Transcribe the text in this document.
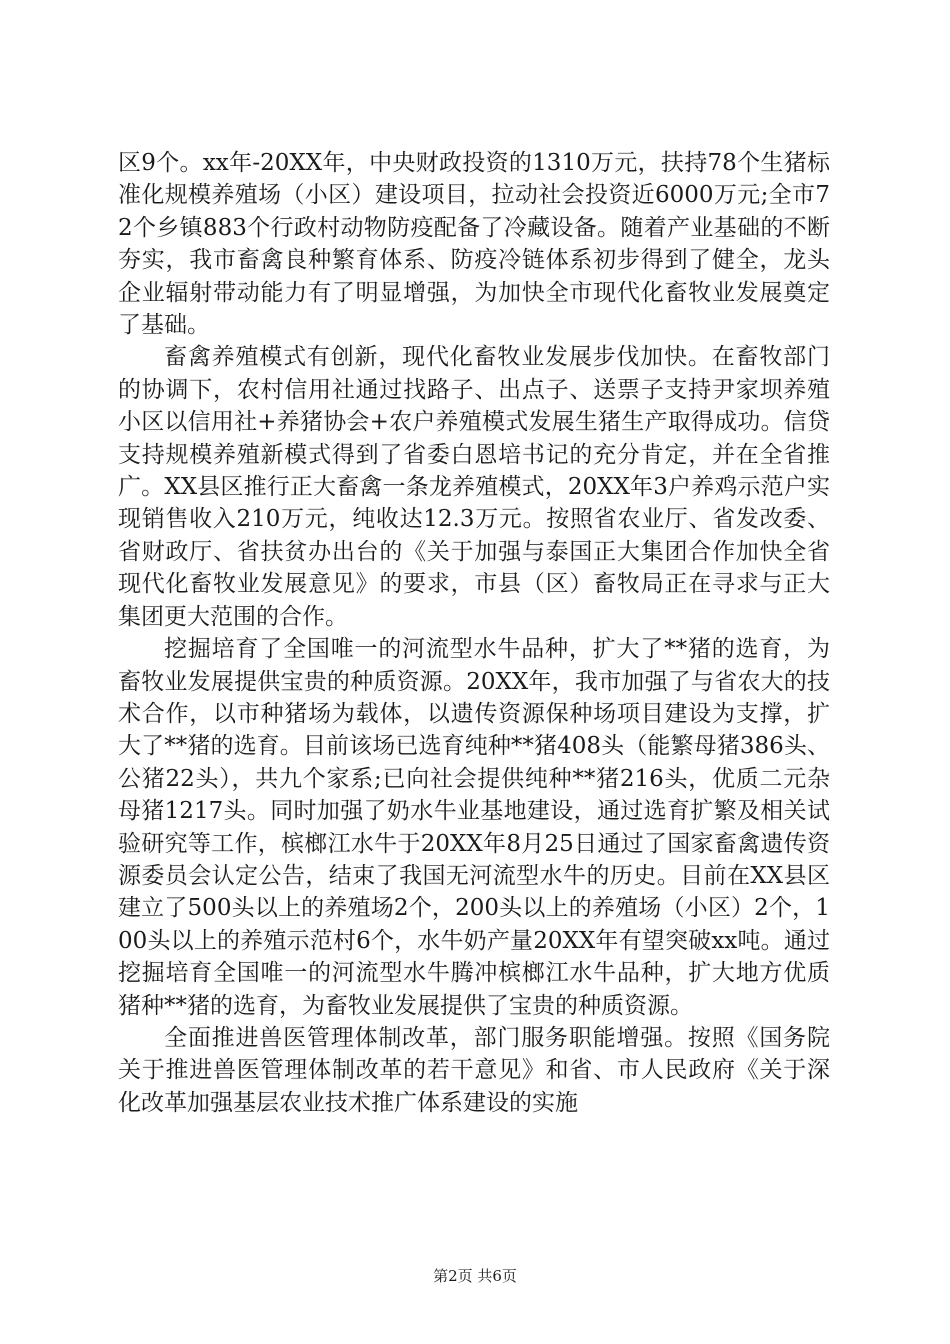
区9个。xx年-20XX年，中央财政投资的1310万元，扶持78个生猪标准化规模养殖场（小区）建设项目，拉动社会投资近6000万元;全市72个乡镇883个行政村动物防疫配备了冷藏设备。随着产业基础的不断夯实，我市畜禽良种繁育体系、防疫冷链体系初步得到了健全，龙头企业辐射带动能力有了明显增强，为加快全市现代化畜牧业发展奠定了基础。

畜禽养殖模式有创新，现代化畜牧业发展步伐加快。在畜牧部门的协调下，农村信用社通过找路子、出点子、送票子支持尹家坝养殖小区以信用社+养猪协会+农户养殖模式发展生猪生产取得成功。信贷支持规模养殖新模式得到了省委白恩培书记的充分肯定，并在全省推广。XX县区推行正大畜禽一条龙养殖模式，20XX年3户养鸡示范户实现销售收入210万元，纯收达12.3万元。按照省农业厅、省发改委、省财政厅、省扶贫办出台的《关于加强与泰国正大集团合作加快全省现代化畜牧业发展意见》的要求，市县（区）畜牧局正在寻求与正大集团更大范围的合作。

挖掘培育了全国唯一的河流型水牛品种，扩大了**猪的选育，为畜牧业发展提供宝贵的种质资源。20XX年，我市加强了与省农大的技术合作，以市种猪场为载体，以遗传资源保种场项目建设为支撑，扩大了**猪的选育。目前该场已选育纯种**猪408头（能繁母猪386头、公猪22头），共九个家系;已向社会提供纯种**猪216头，优质二元杂母猪1217头。同时加强了奶水牛业基地建设，通过选育扩繁及相关试验研究等工作，槟榔江水牛于20XX年8月25日通过了国家畜禽遗传资源委员会认定公告，结束了我国无河流型水牛的历史。目前在XX县区建立了500头以上的养殖场2个，200头以上的养殖场（小区）2个，100头以上的养殖示范村6个，水牛奶产量20XX年有望突破xx吨。通过挖掘培育全国唯一的河流型水牛腾冲槟榔江水牛品种，扩大地方优质猪种**猪的选育，为畜牧业发展提供了宝贵的种质资源。

全面推进兽医管理体制改革，部门服务职能增强。按照《国务院关于推进兽医管理体制改革的若干意见》和省、市人民政府《关于深化改革加强基层农业技术推广体系建设的实施

第2页 共6页
